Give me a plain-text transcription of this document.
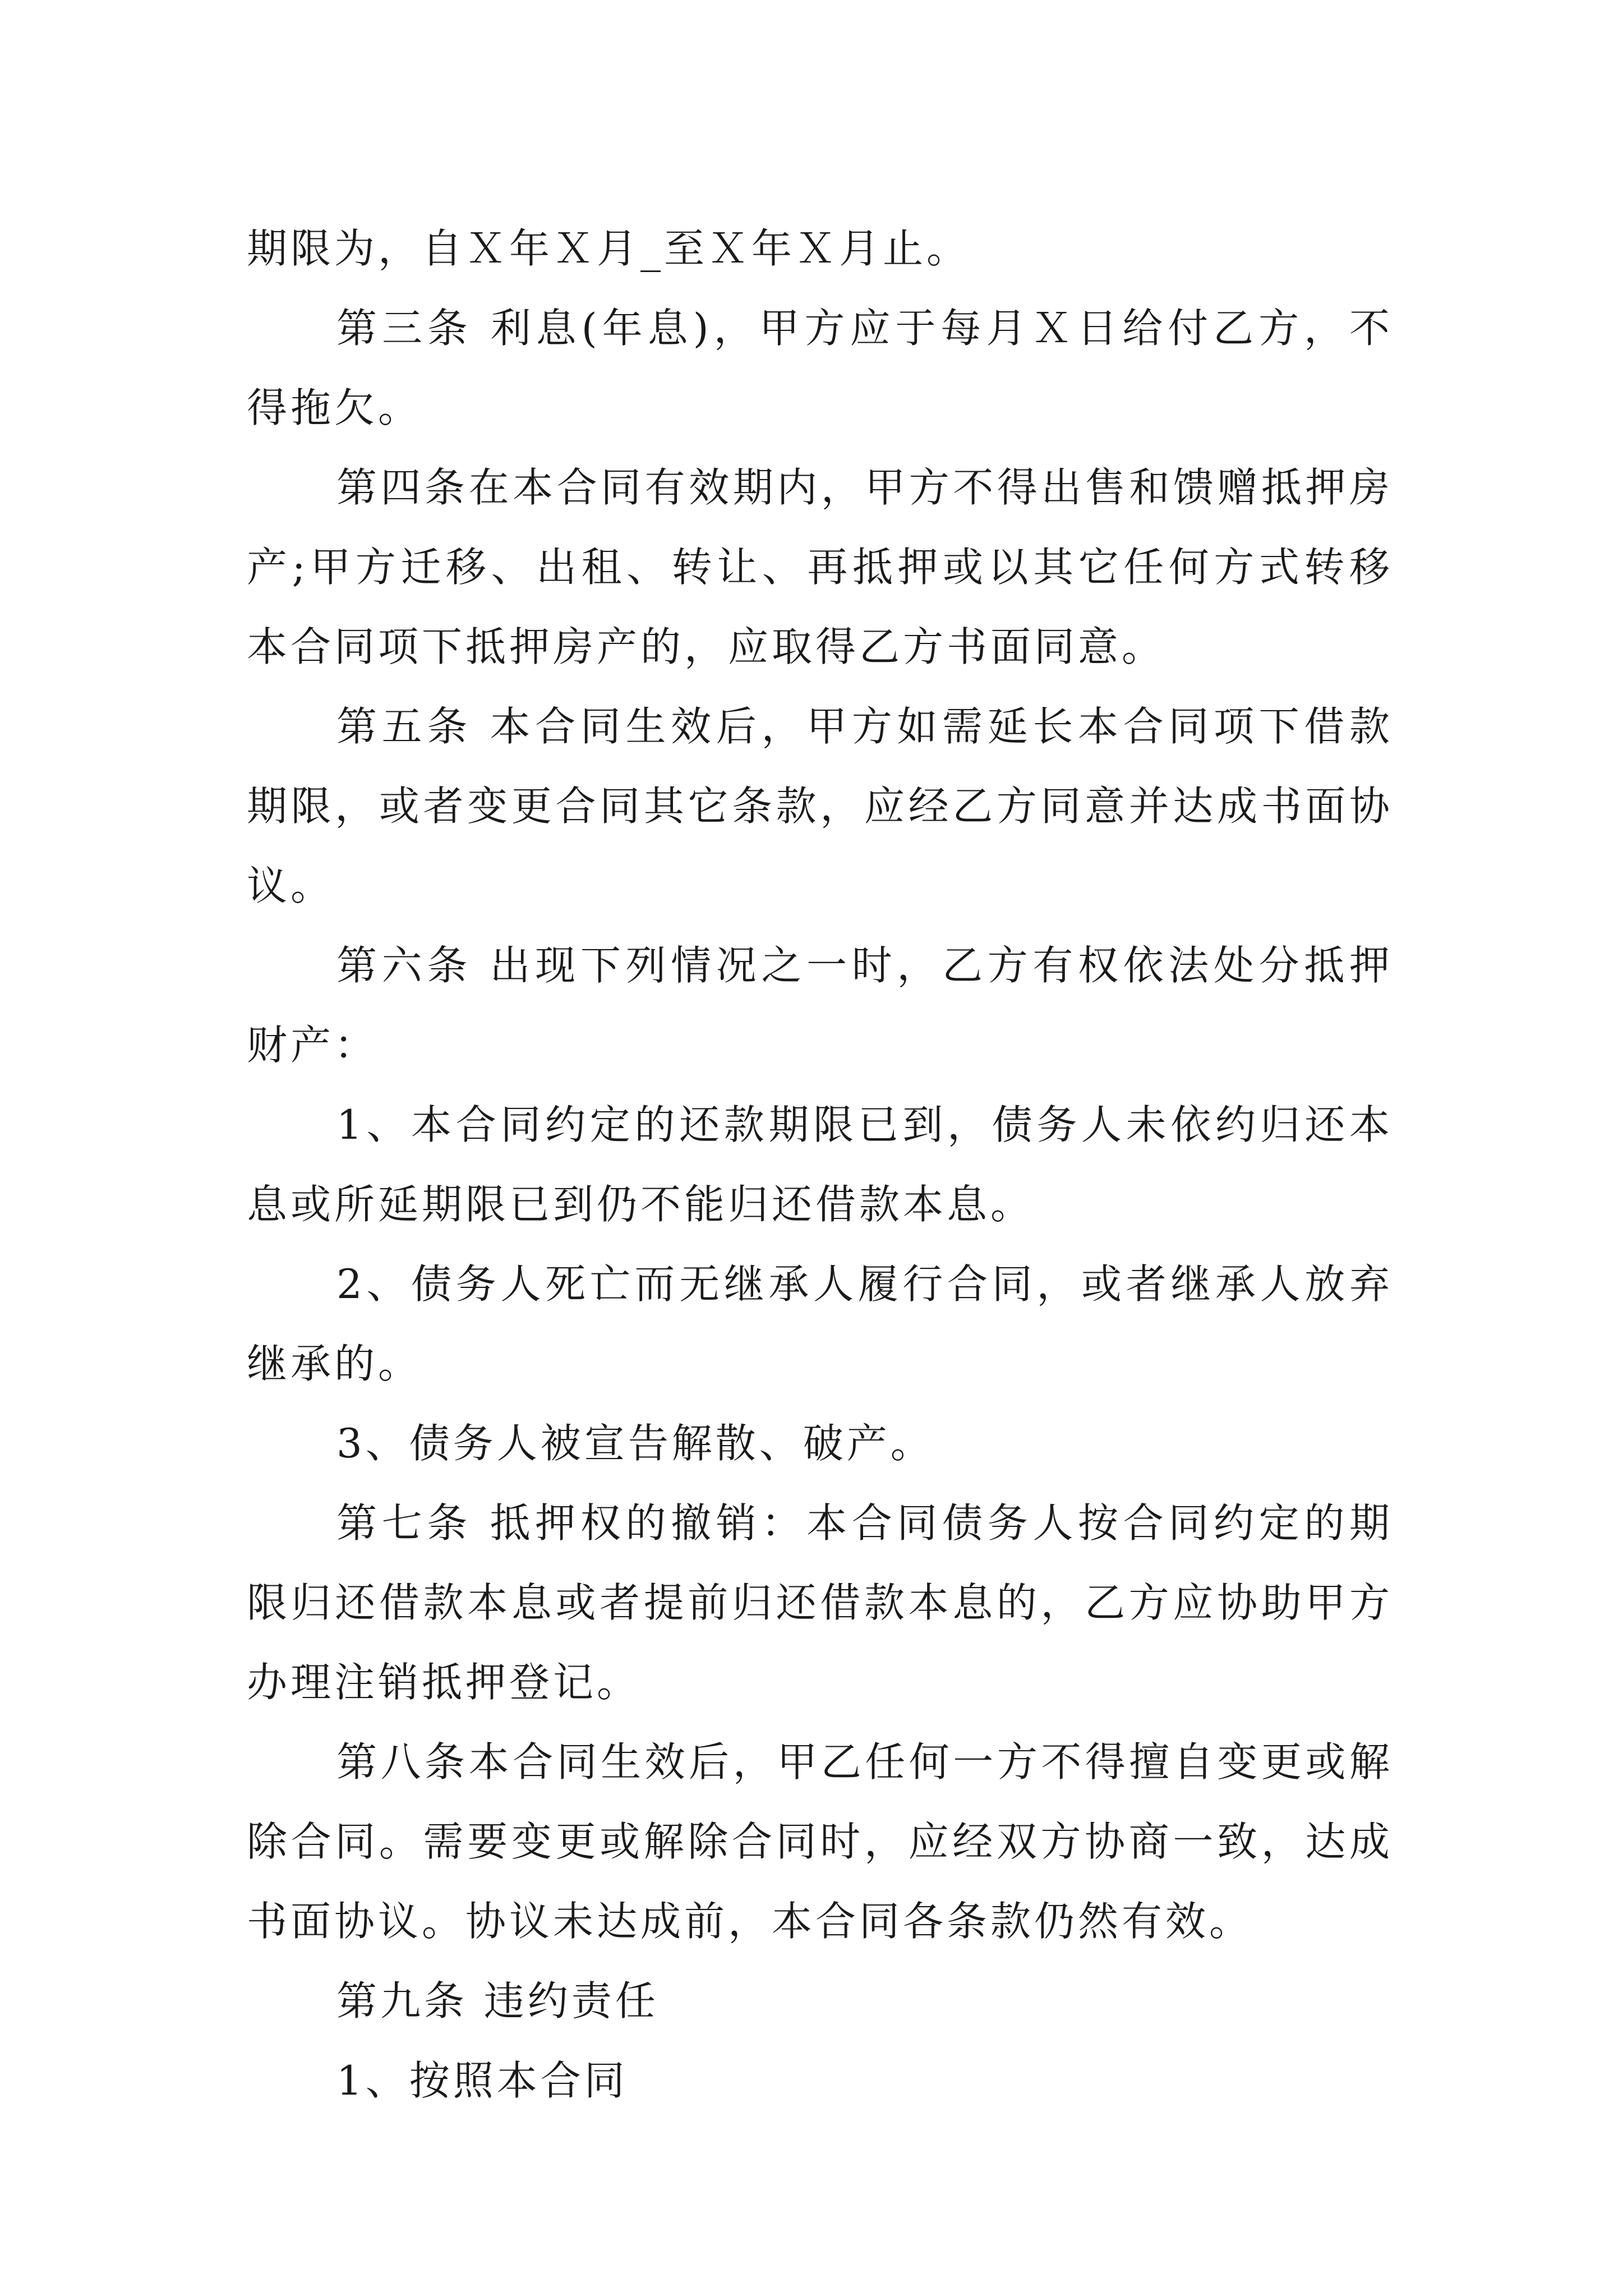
期限为，自Ｘ年Ｘ月_至Ｘ年Ｘ月止。

第三条 利息(年息)，甲方应于每月Ｘ日给付乙方，不得拖欠。

第四条在本合同有效期内，甲方不得出售和馈赠抵押房产;甲方迁移、出租、转让、再抵押或以其它任何方式转移本合同项下抵押房产的，应取得乙方书面同意。

第五条 本合同生效后，甲方如需延长本合同项下借款期限，或者变更合同其它条款，应经乙方同意并达成书面协议。

第六条 出现下列情况之一时，乙方有权依法处分抵押财产：

1、本合同约定的还款期限已到，债务人未依约归还本息或所延期限已到仍不能归还借款本息。

2、债务人死亡而无继承人履行合同，或者继承人放弃继承的。

3、债务人被宣告解散、破产。

第七条 抵押权的撤销：本合同债务人按合同约定的期限归还借款本息或者提前归还借款本息的，乙方应协助甲方办理注销抵押登记。

第八条本合同生效后，甲乙任何一方不得擅自变更或解除合同。需要变更或解除合同时，应经双方协商一致，达成书面协议。协议未达成前，本合同各条款仍然有效。

第九条 违约责任

1、按照本合同
